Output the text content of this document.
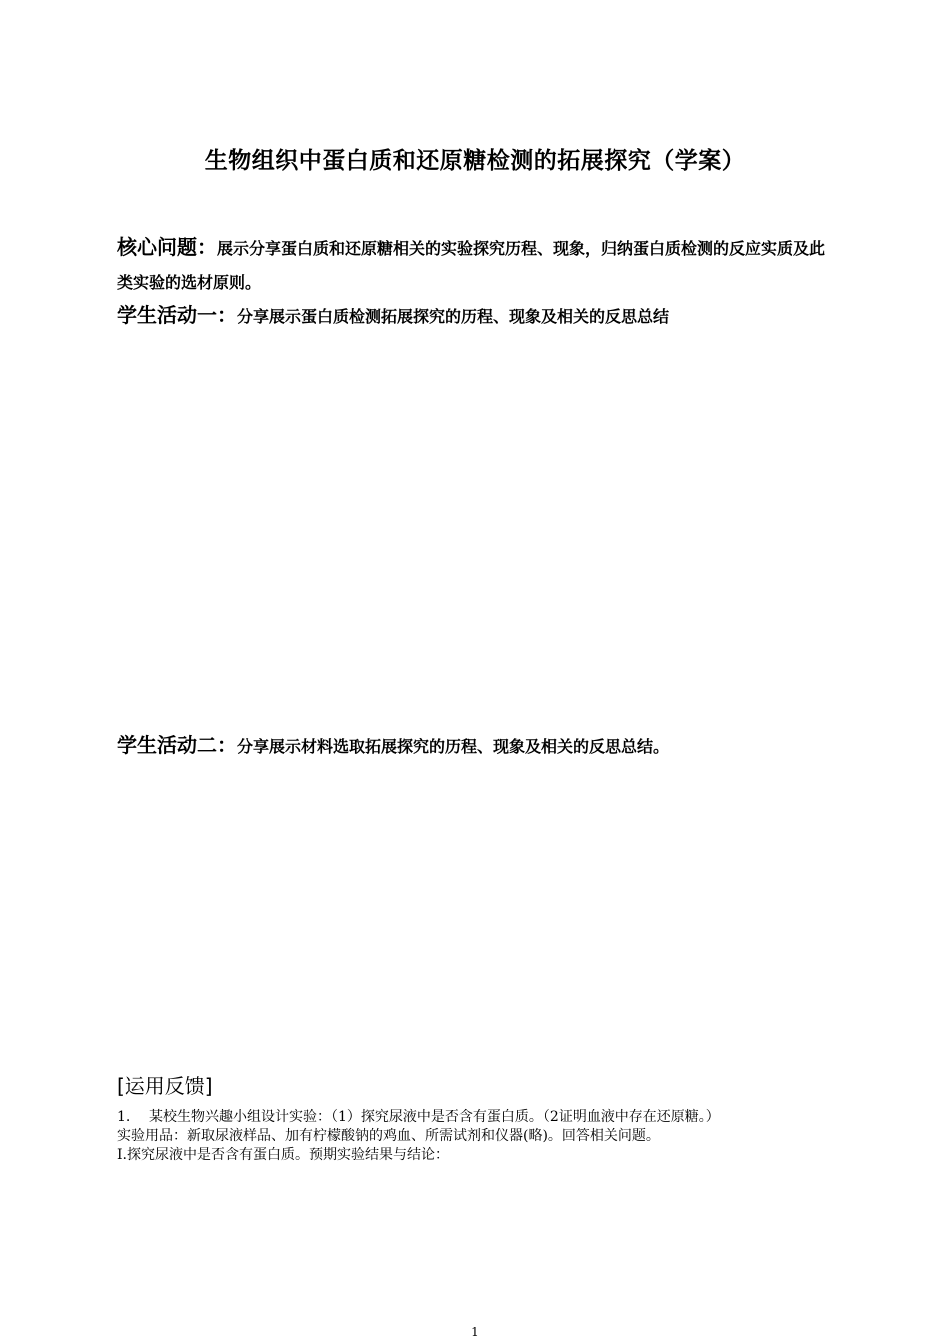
生物组织中蛋白质和还原糖检测的拓展探究（学案）
核心问题：展示分享蛋白质和还原糖相关的实验探究历程、现象，归纳蛋白质检测的反应实质及此类实验的选材原则。
学生活动一：分享展示蛋白质检测拓展探究的历程、现象及相关的反思总结
学生活动二：分享展示材料选取拓展探究的历程、现象及相关的反思总结。
[运用反馈]

1. 某校生物兴趣小组设计实验：（1）探究尿液中是否含有蛋白质。（2证明血液中存在还原糖。）

实验用品：新取尿液样品、加有柠檬酸钠的鸡血、所需试剂和仪器(略)。回答相关问题。

Ⅰ.探究尿液中是否含有蛋白质。预期实验结果与结论：

1
